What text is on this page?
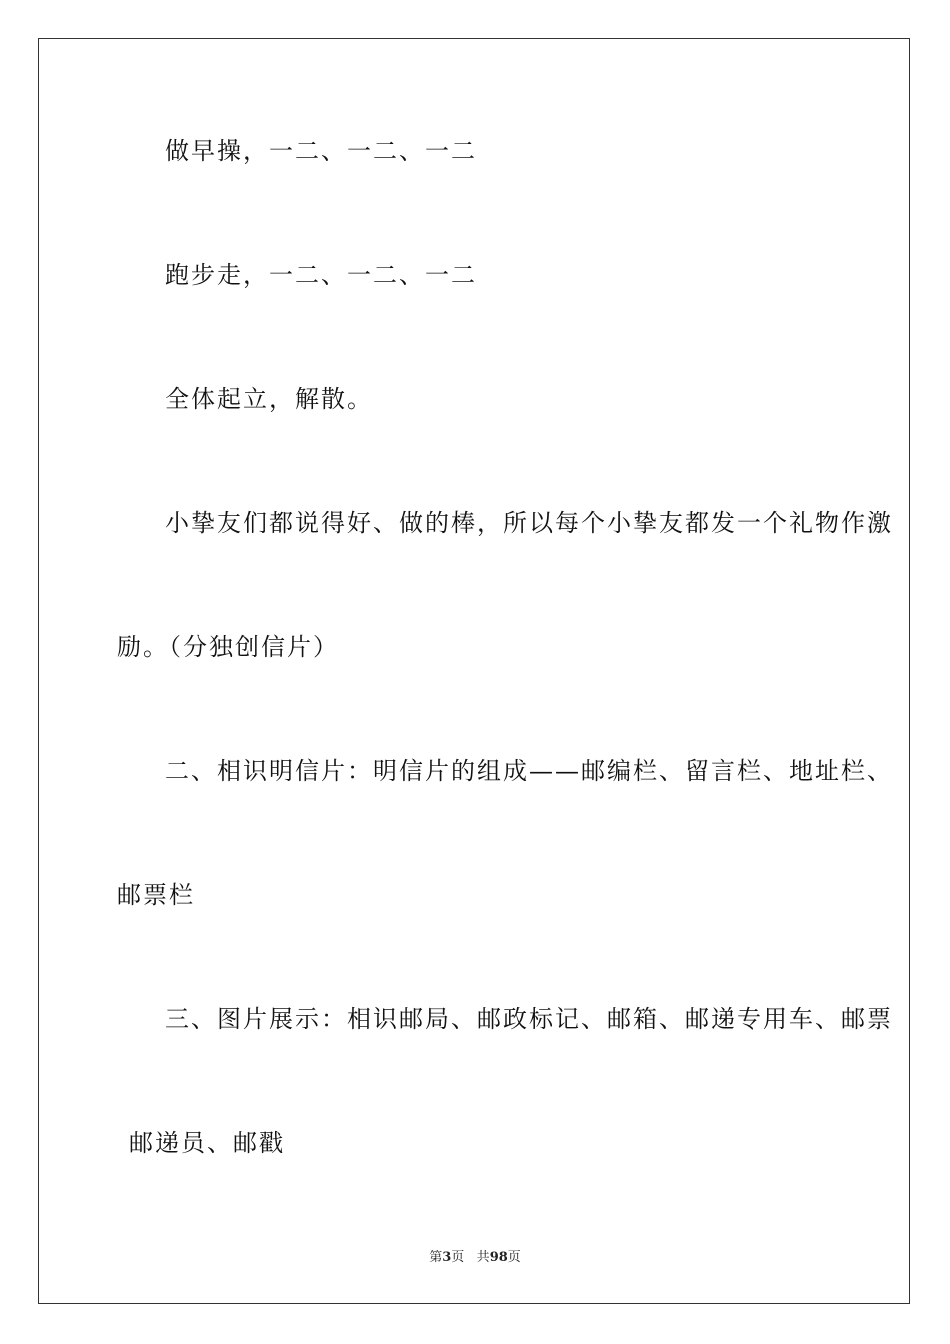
做早操，一二、一二、一二
跑步走，一二、一二、一二
全体起立，解散。
小挚友们都说得好、做的棒，所以每个小挚友都发一个礼物作激
励。（分独创信片）
二、相识明信片：明信片的组成——邮编栏、留言栏、地址栏、
邮票栏
三、图片展示：相识邮局、邮政标记、邮箱、邮递专用车、邮票
邮递员、邮戳
第3页 共98页
